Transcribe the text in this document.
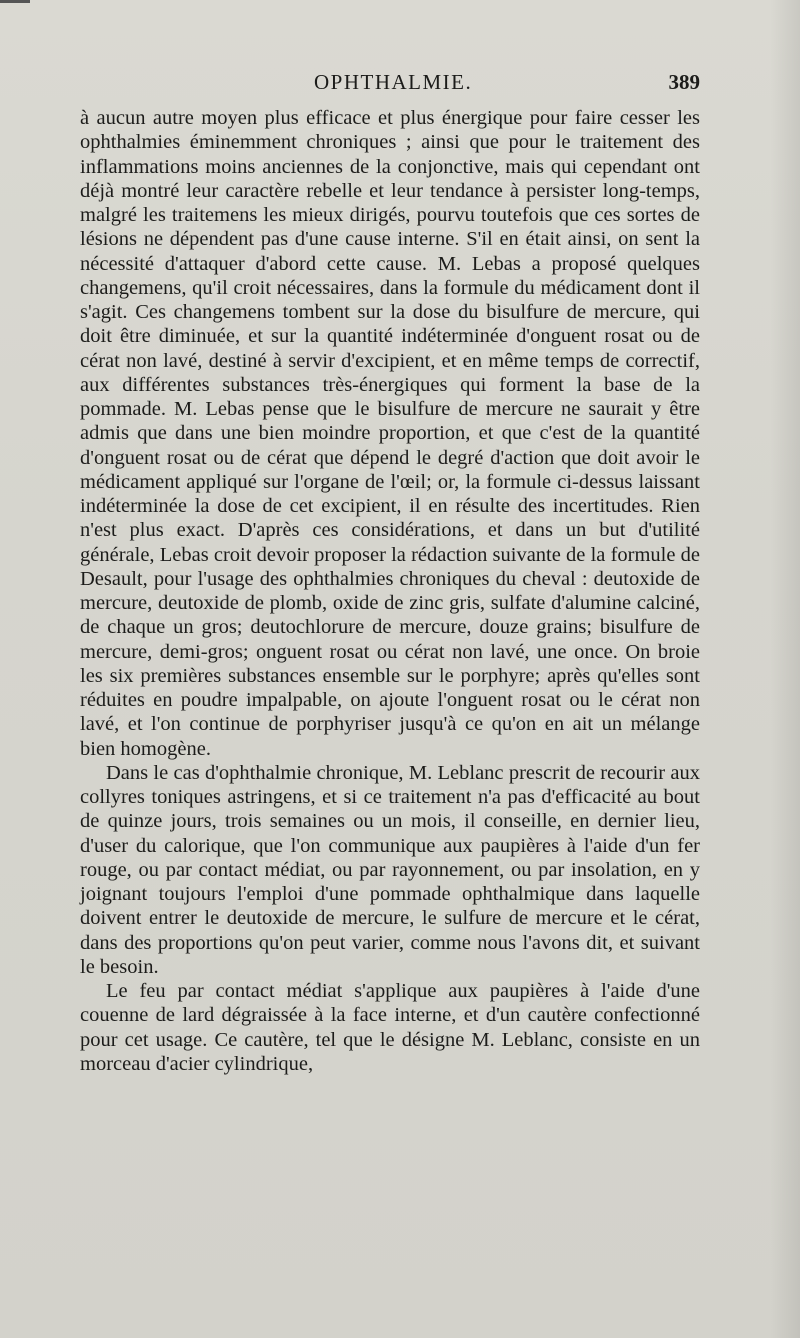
OPHTHALMIE.	389

à aucun autre moyen plus efficace et plus énergique pour faire cesser les ophthalmies éminemment chroniques ; ainsi que pour le traitement des inflammations moins anciennes de la conjonctive, mais qui cependant ont déjà montré leur caractère rebelle et leur tendance à persister long-temps, malgré les traitemens les mieux dirigés, pourvu toutefois que ces sortes de lésions ne dépendent pas d'une cause interne. S'il en était ainsi, on sent la nécessité d'attaquer d'abord cette cause. M. Lebas a proposé quelques changemens, qu'il croit nécessaires, dans la formule du médicament dont il s'agit. Ces changemens tombent sur la dose du bisulfure de mercure, qui doit être diminuée, et sur la quantité indéterminée d'onguent rosat ou de cérat non lavé, destiné à servir d'excipient, et en même temps de correctif, aux différentes substances très-énergiques qui forment la base de la pommade. M. Lebas pense que le bisulfure de mercure ne saurait y être admis que dans une bien moindre proportion, et que c'est de la quantité d'onguent rosat ou de cérat que dépend le degré d'action que doit avoir le médicament appliqué sur l'organe de l'œil; or, la formule ci-dessus laissant indéterminée la dose de cet excipient, il en résulte des incertitudes. Rien n'est plus exact. D'après ces considérations, et dans un but d'utilité générale, Lebas croit devoir proposer la rédaction suivante de la formule de Desault, pour l'usage des ophthalmies chroniques du cheval : deutoxide de mercure, deutoxide de plomb, oxide de zinc gris, sulfate d'alumine calciné, de chaque un gros; deutochlorure de mercure, douze grains; bisulfure de mercure, demi-gros; onguent rosat ou cérat non lavé, une once. On broie les six premières substances ensemble sur le porphyre; après qu'elles sont réduites en poudre impalpable, on ajoute l'onguent rosat ou le cérat non lavé, et l'on continue de porphyriser jusqu'à ce qu'on en ait un mélange bien homogène.

Dans le cas d'ophthalmie chronique, M. Leblanc prescrit de recourir aux collyres toniques astringens, et si ce traitement n'a pas d'efficacité au bout de quinze jours, trois semaines ou un mois, il conseille, en dernier lieu, d'user du calorique, que l'on communique aux paupières à l'aide d'un fer rouge, ou par contact médiat, ou par rayonnement, ou par insolation, en y joignant toujours l'emploi d'une pommade ophthalmique dans laquelle doivent entrer le deutoxide de mercure, le sulfure de mercure et le cérat, dans des proportions qu'on peut varier, comme nous l'avons dit, et suivant le besoin.

Le feu par contact médiat s'applique aux paupières à l'aide d'une couenne de lard dégraissée à la face interne, et d'un cautère confectionné pour cet usage. Ce cautère, tel que le désigne M. Leblanc, consiste en un morceau d'acier cylindrique,
